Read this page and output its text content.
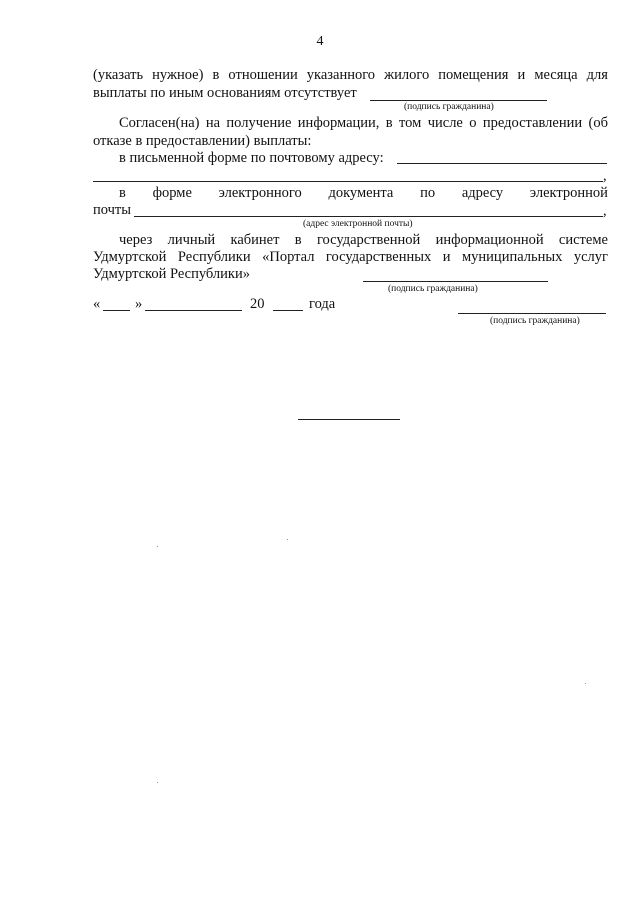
4
(указать нужное) в отношении указанного жилого помещения и месяца для
выплаты по иным основаниям отсутствует
(подпись гражданина)
Согласен(на) на получение информации, в том числе о предоставлении (об
отказе в предоставлении) выплаты:
в письменной форме по почтовому адресу:
,
в форме электронного документа по адресу электронной
почты	,
(адрес электронной почты)
через личный кабинет в государственной информационной системе
Удмуртской Республики «Портал государственных и муниципальных услуг
Удмуртской Республики»
(подпись гражданина)
« »	20	года
(подпись гражданина)
